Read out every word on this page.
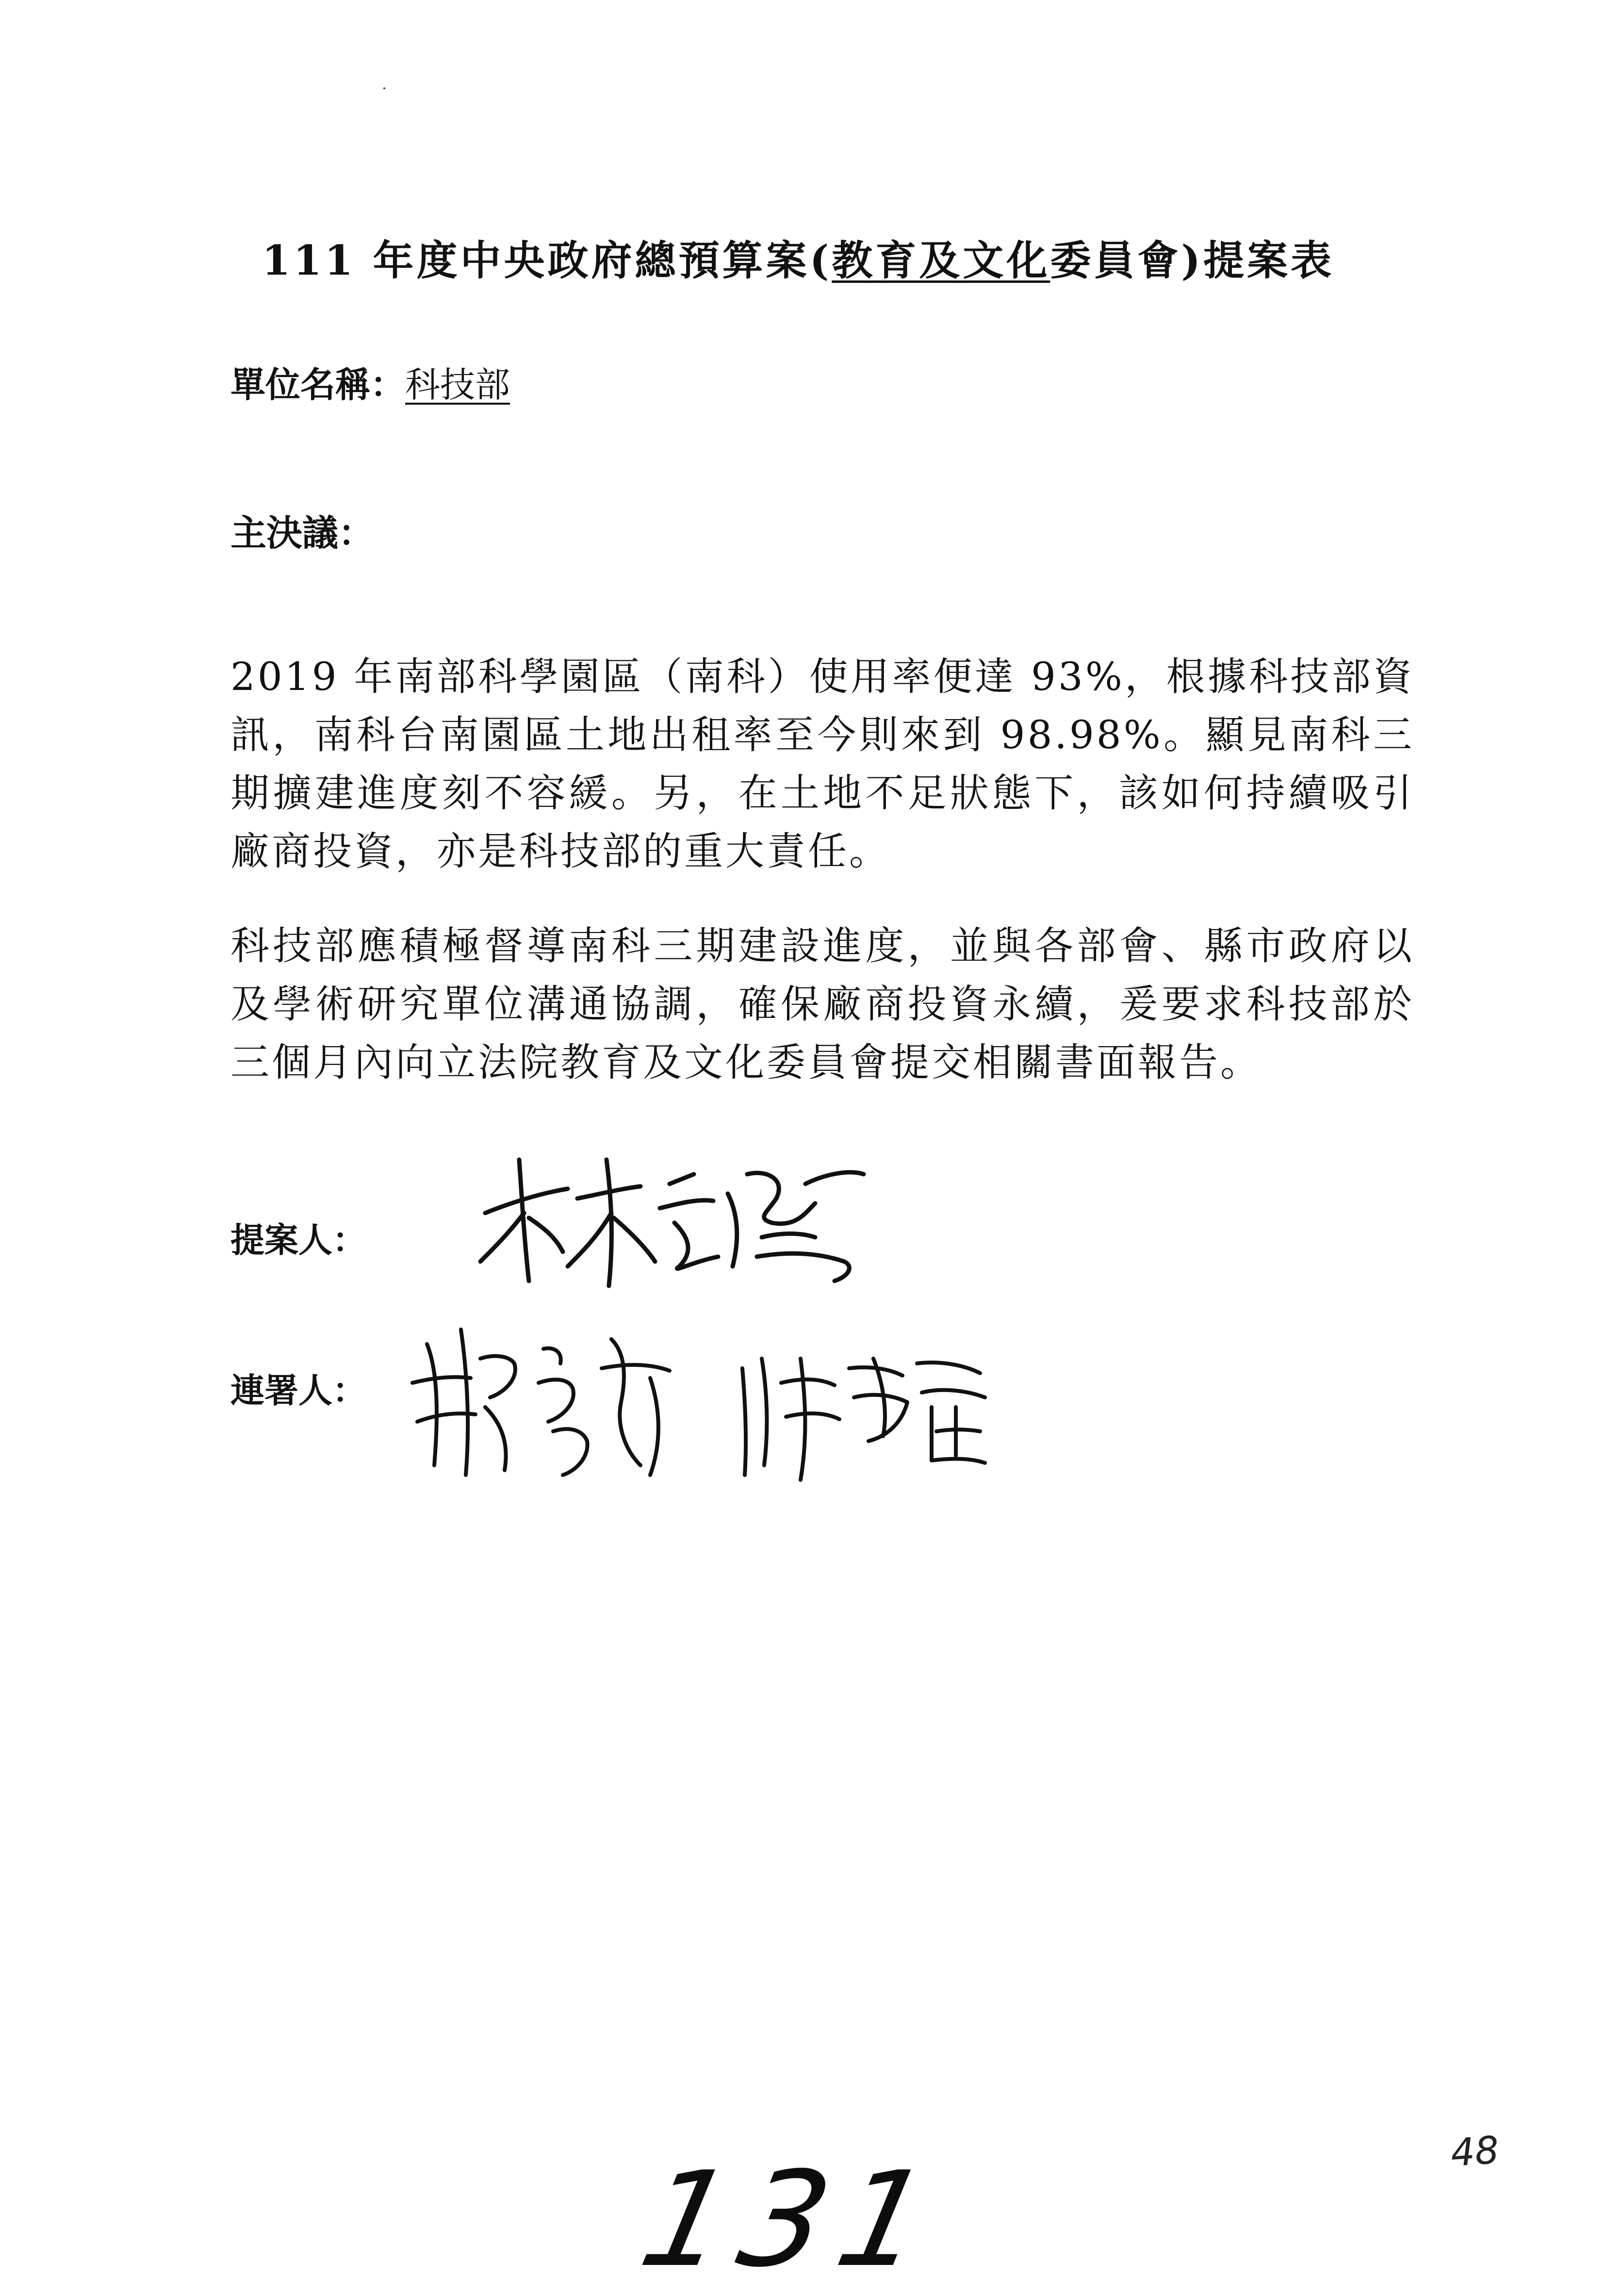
111 年度中央政府總預算案(教育及文化委員會)提案表
單位名稱：科技部
主決議：

2019 年南部科學園區（南科）使用率便達 93%，根據科技部資訊，南科台南園區土地出租率至今則來到 98.98%。顯見南科三期擴建進度刻不容緩。另，在土地不足狀態下，該如何持續吸引廠商投資，亦是科技部的重大責任。

科技部應積極督導南科三期建設進度，並與各部會、縣市政府以及學術研究單位溝通協調，確保廠商投資永續，爰要求科技部於三個月內向立法院教育及文化委員會提交相關書面報告。

提案人：
連署人：
131	48
